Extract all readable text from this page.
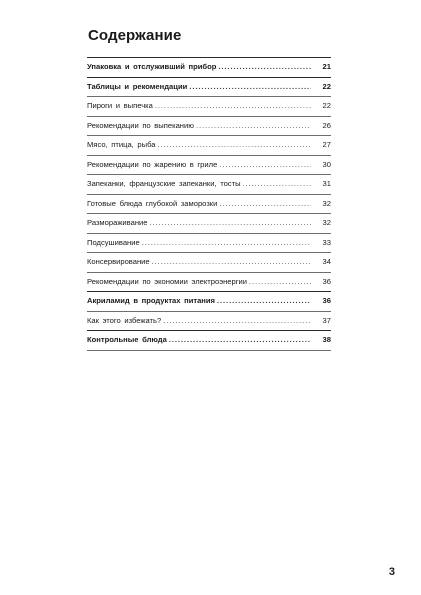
Содержание
Упаковка и отслуживший прибор . . .	21
Таблицы и рекомендации . . .	22
Пироги и выпечка . . .	22
Рекомендации по выпеканию . . .	26
Мясо, птица, рыба . . .	27
Рекомендации по жарению в гриле . . .	30
Запеканки, французские запеканки, тосты . . .	31
Готовые блюда глубокой заморозки . . .	32
Размораживание . . .	32
Подсушивание . . .	33
Консервирование . . .	34
Рекомендации по экономии электроэнергии . . .	36
Акриламид в продуктах питания . . .	36
Как этого избежать? . . .	37
Контрольные блюда . . .	38
3
